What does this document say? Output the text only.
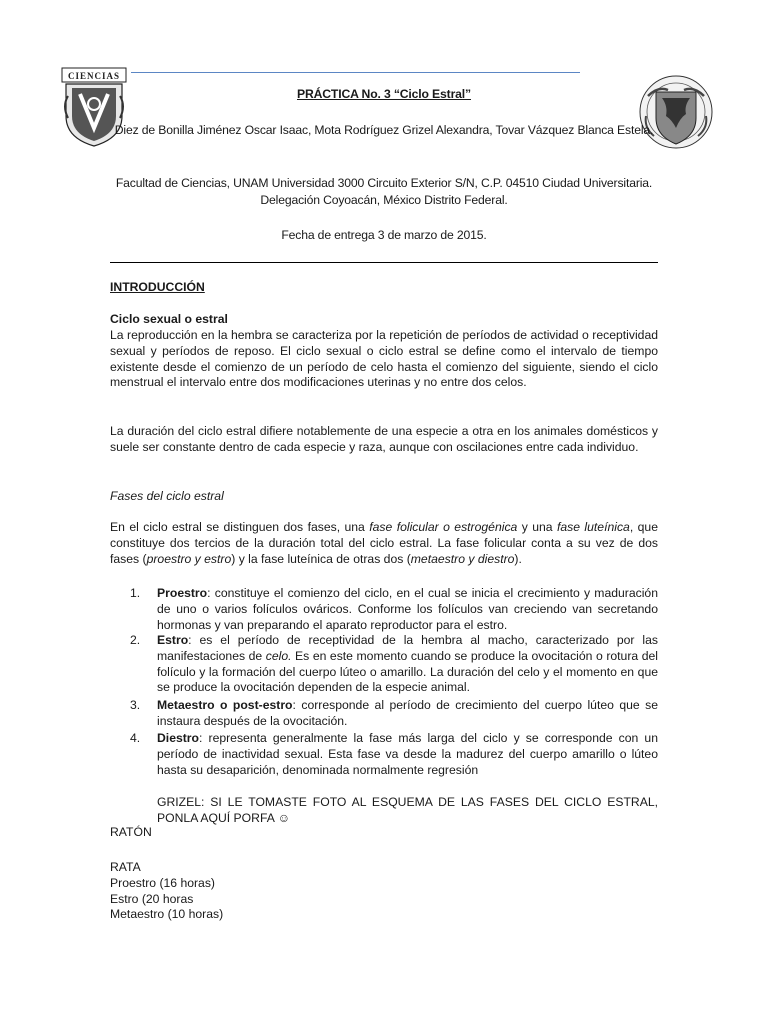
CIENCIAS
PRÁCTICA No. 3 “Ciclo Estral”
Diez de Bonilla Jiménez Oscar Isaac, Mota Rodríguez Grizel Alexandra, Tovar Vázquez Blanca Estela.
Facultad de Ciencias, UNAM Universidad 3000 Circuito Exterior S/N, C.P. 04510 Ciudad Universitaria. Delegación Coyoacán, México Distrito Federal.
Fecha de entrega 3 de marzo de 2015.
INTRODUCCIÓN
Ciclo sexual o estral
La reproducción en la hembra se caracteriza por la repetición de períodos de actividad o receptividad sexual y períodos de reposo. El ciclo sexual o ciclo estral se define como el intervalo de tiempo existente desde el comienzo de un período de celo hasta el comienzo del siguiente, siendo el ciclo menstrual el intervalo entre dos modificaciones uterinas y no entre dos celos.
La duración del ciclo estral difiere notablemente de una especie a otra en los animales domésticos y suele ser constante dentro de cada especie y raza, aunque con oscilaciones entre cada individuo.
Fases del ciclo estral
En el ciclo estral se distinguen dos fases, una fase folicular o estrogénica y una fase luteínica, que constituye dos tercios de la duración total del ciclo estral. La fase folicular conta a su vez de dos fases (proestro y estro) y la fase luteínica de otras dos (metaestro y diestro).
1. Proestro: constituye el comienzo del ciclo, en el cual se inicia el crecimiento y maduración de uno o varios folículos ováricos. Conforme los folículos van creciendo van secretando hormonas y van preparando el aparato reproductor para el estro.
2. Estro: es el período de receptividad de la hembra al macho, caracterizado por las manifestaciones de celo. Es en este momento cuando se produce la ovocitación o rotura del folículo y la formación del cuerpo lúteo o amarillo. La duración del celo y el momento en que se produce la ovocitación dependen de la especie animal.
3. Metaestro o post-estro: corresponde al período de crecimiento del cuerpo lúteo que se instaura después de la ovocitación.
4. Diestro: representa generalmente la fase más larga del ciclo y se corresponde con un período de inactividad sexual. Esta fase va desde la madurez del cuerpo amarillo o lúteo hasta su desaparición, denominada normalmente regresión
GRIZEL: SI LE TOMASTE FOTO AL ESQUEMA DE LAS FASES DEL CICLO ESTRAL, PONLA AQUÍ PORFA ☺
RATÓN
RATA
Proestro (16 horas)
Estro (20 horas
Metaestro (10 horas)
